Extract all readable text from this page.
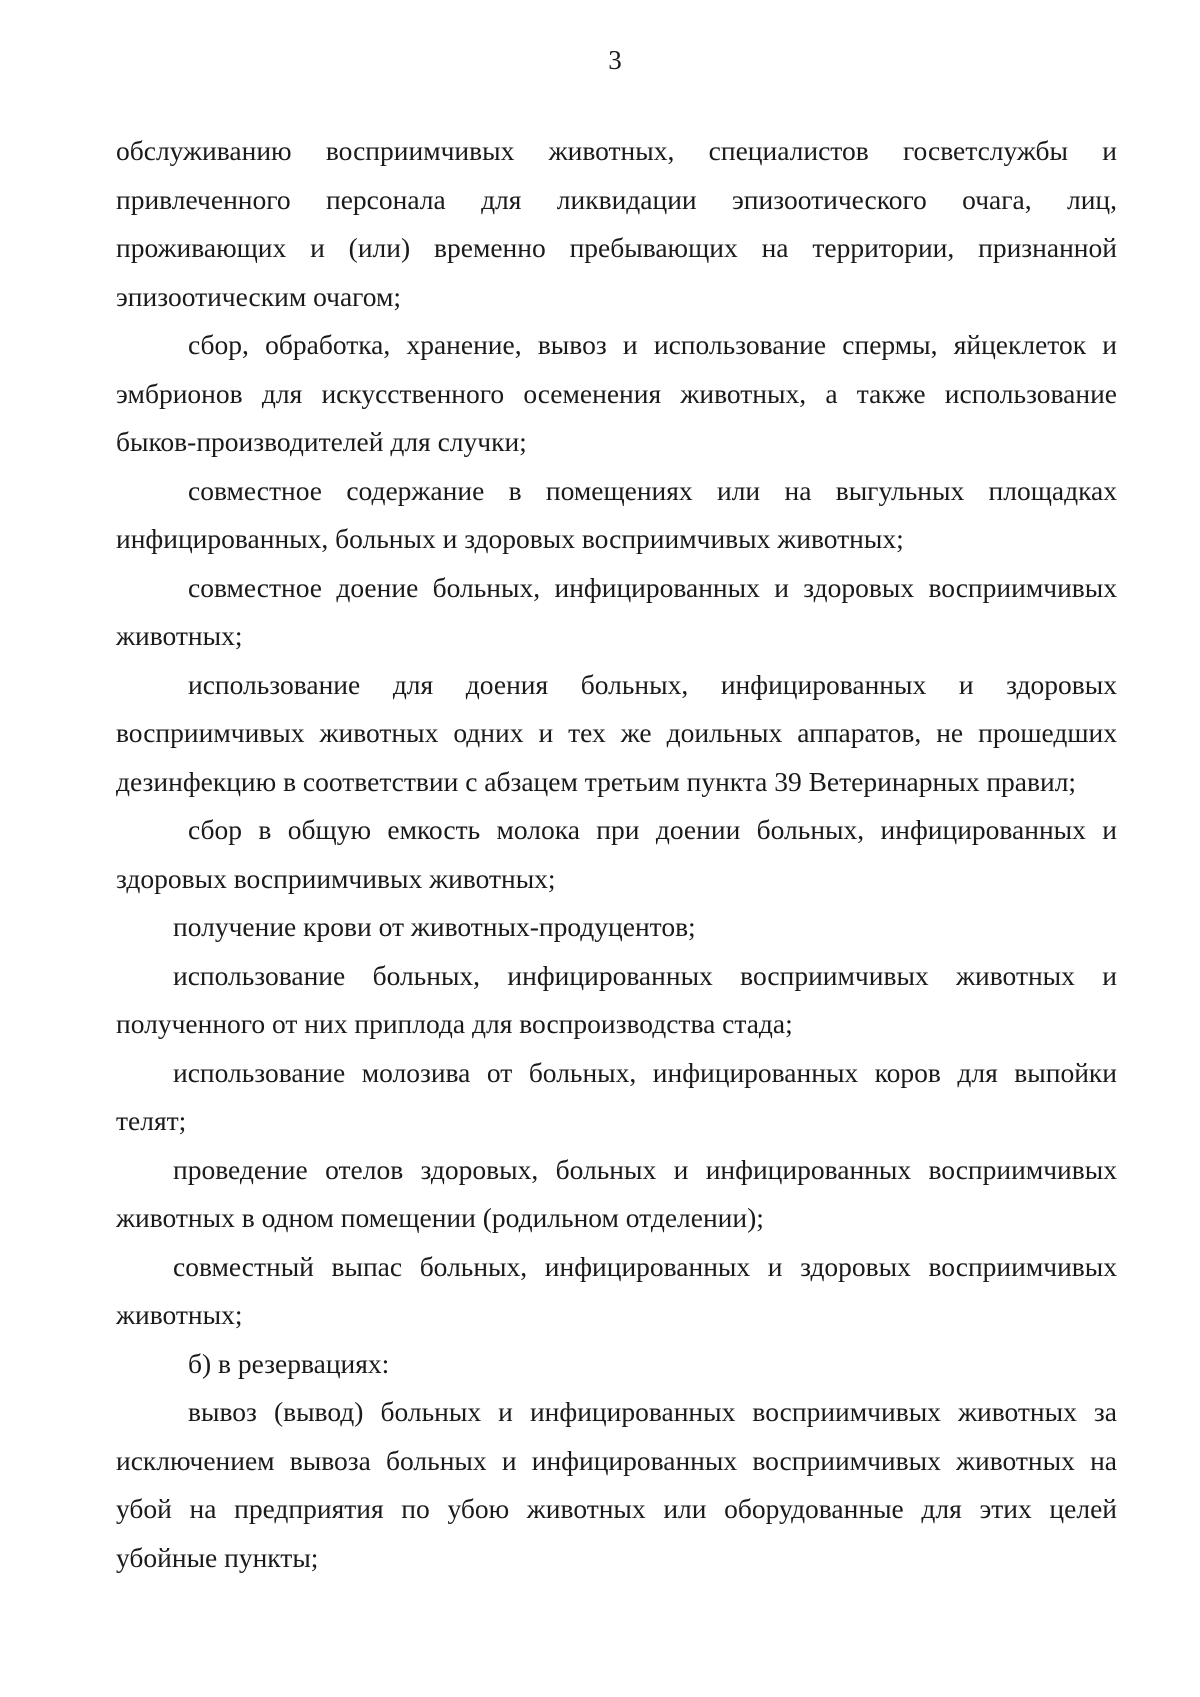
3

обслуживанию восприимчивых животных, специалистов госветслужбы и привлеченного персонала для ликвидации эпизоотического очага, лиц, проживающих и (или) временно пребывающих на территории, признанной эпизоотическим очагом;

сбор, обработка, хранение, вывоз и использование спермы, яйцеклеток и эмбрионов для искусственного осеменения животных, а также использование быков-производителей для случки;

совместное содержание в помещениях или на выгульных площадках инфицированных, больных и здоровых восприимчивых животных;

совместное доение больных, инфицированных и здоровых восприимчивых животных;

использование для доения больных, инфицированных и здоровых восприимчивых животных одних и тех же доильных аппаратов, не прошедших дезинфекцию в соответствии с абзацем третьим пункта 39 Ветеринарных правил;

сбор в общую емкость молока при доении больных, инфицированных и здоровых восприимчивых животных;

получение крови от животных-продуцентов;

использование больных, инфицированных восприимчивых животных и полученного от них приплода для воспроизводства стада;

использование молозива от больных, инфицированных коров для выпойки телят;

проведение отелов здоровых, больных и инфицированных восприимчивых животных в одном помещении (родильном отделении);

совместный выпас больных, инфицированных и здоровых восприимчивых животных;

б) в резервациях:

вывоз (вывод) больных и инфицированных восприимчивых животных за исключением вывоза больных и инфицированных восприимчивых животных на убой на предприятия по убою животных или оборудованные для этих целей убойные пункты;
